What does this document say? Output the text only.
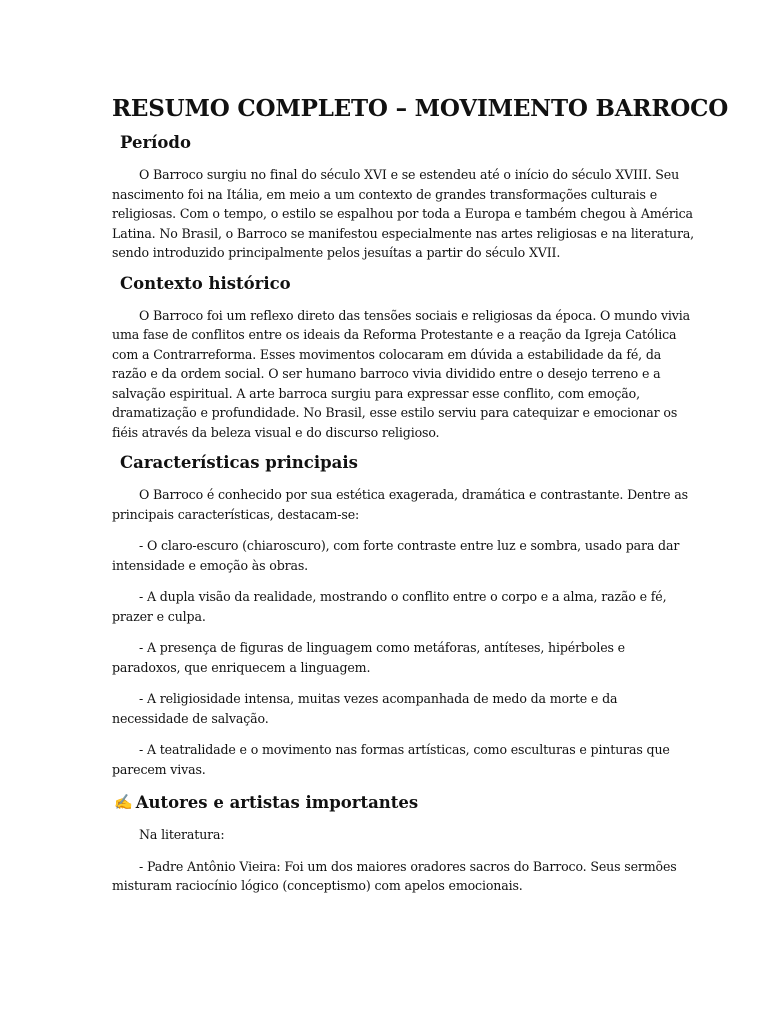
RESUMO COMPLETO – MOVIMENTO BARROCO
Período

O Barroco surgiu no final do século XVI e se estendeu até o início do século XVIII. Seu
nascimento foi na Itália, em meio a um contexto de grandes transformações culturais e
religiosas. Com o tempo, o estilo se espalhou por toda a Europa e também chegou à América
Latina. No Brasil, o Barroco se manifestou especialmente nas artes religiosas e na literatura,
sendo introduzido principalmente pelos jesuítas a partir do século XVII.

Contexto histórico

O Barroco foi um reflexo direto das tensões sociais e religiosas da época. O mundo vivia
uma fase de conflitos entre os ideais da Reforma Protestante e a reação da Igreja Católica
com a Contrarreforma. Esses movimentos colocaram em dúvida a estabilidade da fé, da
razão e da ordem social. O ser humano barroco vivia dividido entre o desejo terreno e a
salvação espiritual. A arte barroca surgiu para expressar esse conflito, com emoção,
dramatização e profundidade. No Brasil, esse estilo serviu para catequizar e emocionar os
fiéis através da beleza visual e do discurso religioso.

Características principais

O Barroco é conhecido por sua estética exagerada, dramática e contrastante. Dentre as
principais características, destacam-se:

- O claro-escuro (chiaroscuro), com forte contraste entre luz e sombra, usado para dar
intensidade e emoção às obras.

- A dupla visão da realidade, mostrando o conflito entre o corpo e a alma, razão e fé,
prazer e culpa.

- A presença de figuras de linguagem como metáforas, antíteses, hipérboles e
paradoxos, que enriquecem a linguagem.

- A religiosidade intensa, muitas vezes acompanhada de medo da morte e da
necessidade de salvação.

- A teatralidade e o movimento nas formas artísticas, como esculturas e pinturas que
parecem vivas.

✍ Autores e artistas importantes

Na literatura:

- Padre Antônio Vieira: Foi um dos maiores oradores sacros do Barroco. Seus sermões
misturam raciocínio lógico (conceptismo) com apelos emocionais.
